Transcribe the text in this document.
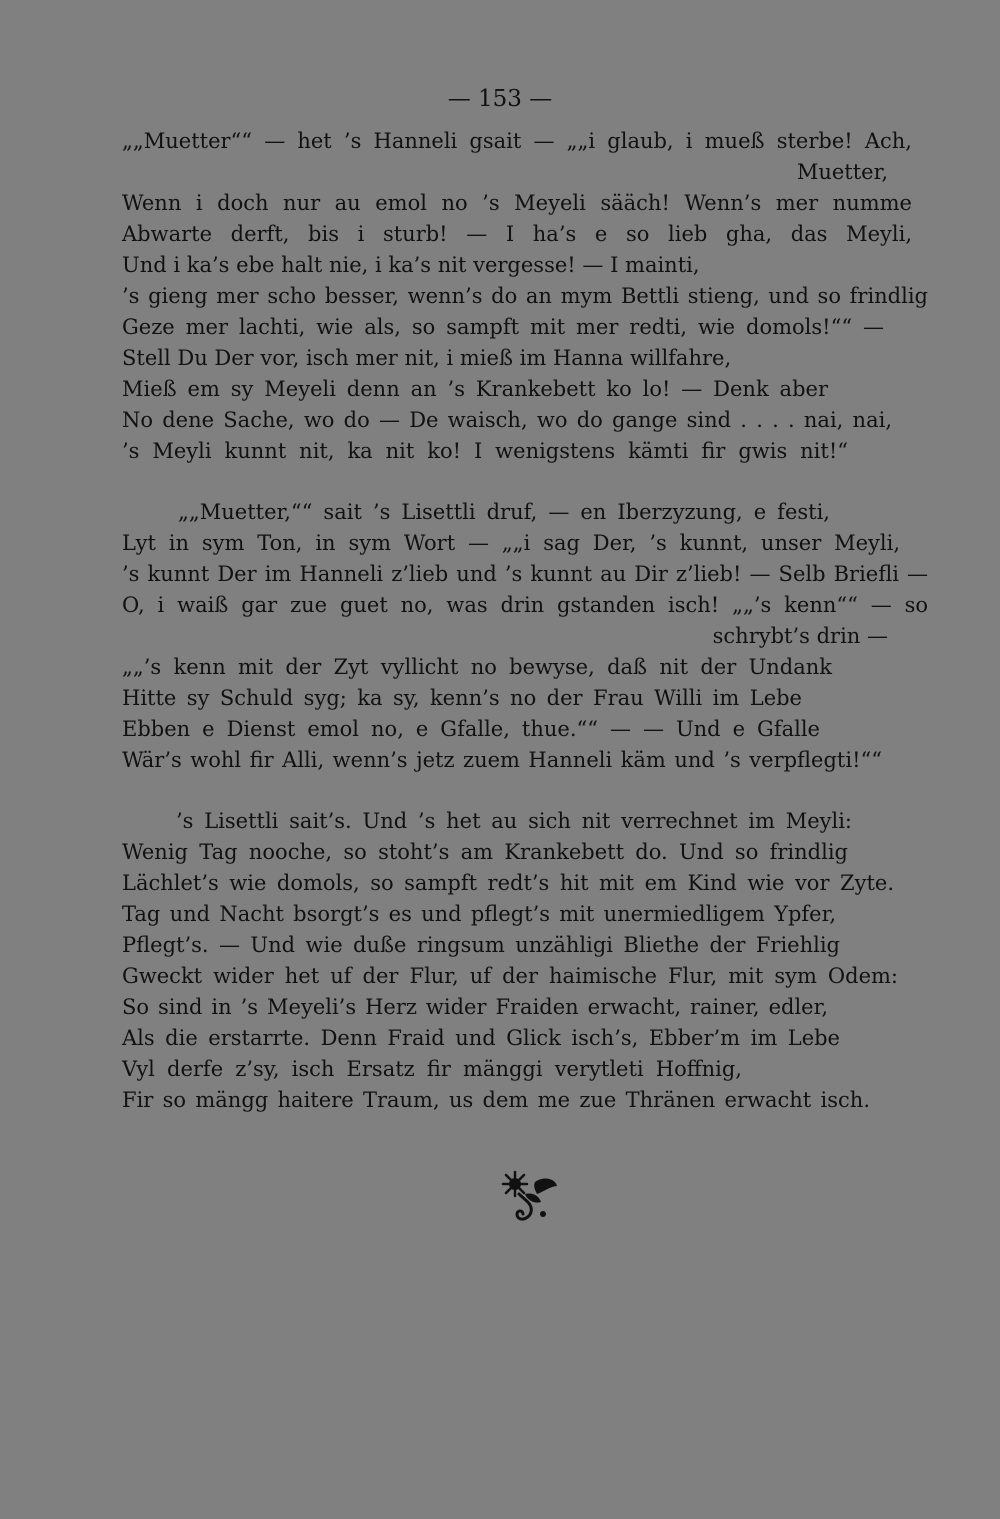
— 153 —
„„Muetter““ — het ’s Hanneli gsait — „„i glaub, i mueß sterbe! Ach,
Muetter,
Wenn i doch nur au emol no ’s Meyeli sääch! Wenn’s mer numme
Abwarte derft, bis i sturb! — I ha’s e so lieb gha, das Meyli,
Und i ka’s ebe halt nie, i ka’s nit vergesse! — I mainti,
’s gieng mer scho besser, wenn’s do an mym Bettli stieng, und so frindlig
Geze mer lachti, wie als, so sampft mit mer redti, wie domols!““ —
Stell Du Der vor, isch mer nit, i mieß im Hanna willfahre,
Mieß em sy Meyeli denn an ’s Krankebett ko lo! — Denk aber
No dene Sache, wo do — De waisch, wo do gange sind . . . . nai, nai,
’s Meyli kunnt nit, ka nit ko! I wenigstens kämti fir gwis nit!“
„„Muetter,““ sait ’s Lisettli druf, — en Iberzyzung, e festi,
Lyt in sym Ton, in sym Wort — „„i sag Der, ’s kunnt, unser Meyli,
’s kunnt Der im Hanneli z’lieb und ’s kunnt au Dir z’lieb! — Selb Briefli —
O, i waiß gar zue guet no, was drin gstanden isch! „„’s kenn““ — so
schrybt’s drin —
„„’s kenn mit der Zyt vyllicht no bewyse, daß nit der Undank
Hitte sy Schuld syg; ka sy, kenn’s no der Frau Willi im Lebe
Ebben e Dienst emol no, e Gfalle, thue.““ — — Und e Gfalle
Wär’s wohl fir Alli, wenn’s jetz zuem Hanneli käm und ’s verpflegti!““
’s Lisettli sait’s. Und ’s het au sich nit verrechnet im Meyli:
Wenig Tag nooche, so stoht’s am Krankebett do. Und so frindlig
Lächlet’s wie domols, so sampft redt’s hit mit em Kind wie vor Zyte.
Tag und Nacht bsorgt’s es und pflegt’s mit unermiedligem Ypfer,
Pflegt’s. — Und wie duße ringsum unzähligi Bliethe der Friehlig
Gweckt wider het uf der Flur, uf der haimische Flur, mit sym Odem:
So sind in ’s Meyeli’s Herz wider Fraiden erwacht, rainer, edler,
Als die erstarrte. Denn Fraid und Glick isch’s, Ebber’m im Lebe
Vyl derfe z’sy, isch Ersatz fir mänggi verytleti Hoffnig,
Fir so mängg haitere Traum, us dem me zue Thränen erwacht isch.
